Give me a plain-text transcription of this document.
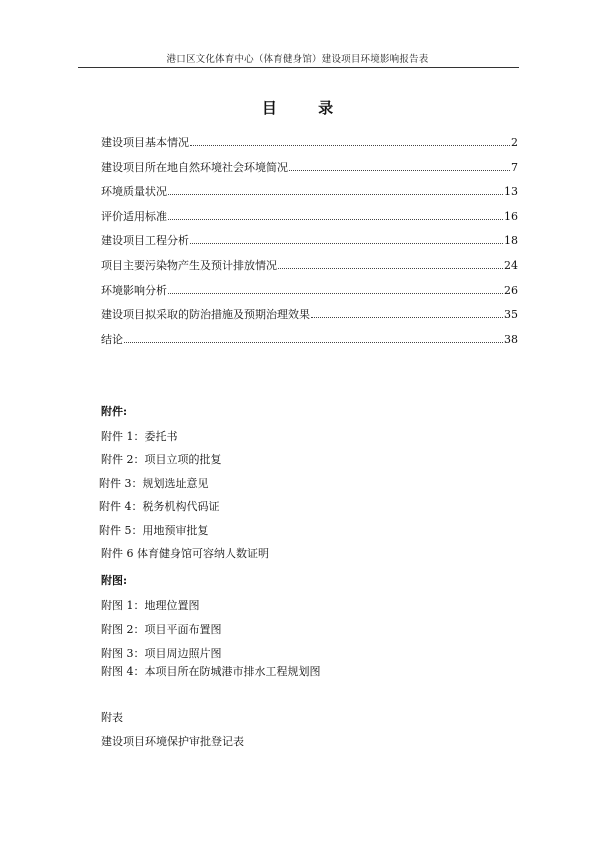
港口区文化体育中心（体育健身馆）建设项目环境影响报告表
目 录
建设项目基本情况	2
建设项目所在地自然环境社会环境简况	7
环境质量状况	13
评价适用标准	16
建设项目工程分析	18
项目主要污染物产生及预计排放情况	24
环境影响分析	26
建设项目拟采取的防治措施及预期治理效果	35
结论	38
附件:
附件 1：委托书
附件 2：项目立项的批复
附件 3：规划选址意见
附件 4：税务机构代码证
附件 5：用地预审批复
附件 6 体育健身馆可容纳人数证明
附图:
附图 1：地理位置图
附图 2：项目平面布置图
附图 3：项目周边照片图
附图 4：本项目所在防城港市排水工程规划图
附表
建设项目环境保护审批登记表
